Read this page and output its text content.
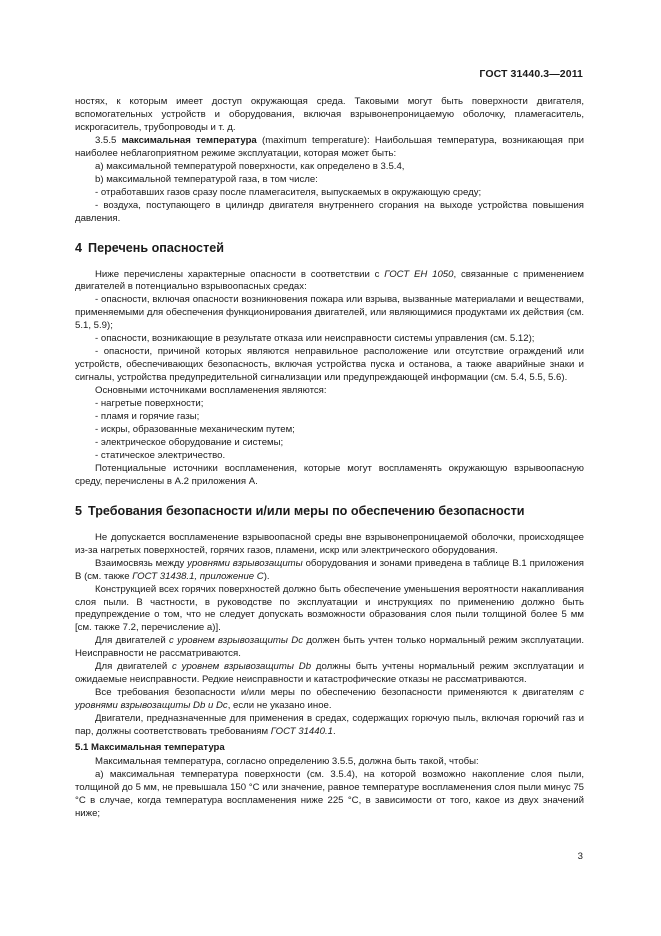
ГОСТ 31440.3—2011

ностях, к которым имеет доступ окружающая среда. Таковыми могут быть поверхности двигателя, вспомогательных устройств и оборудования, включая взрывонепроницаемую оболочку, пламегаситель, искрогаситель, трубопроводы и т. д.

3.5.5 максимальная температура (maximum temperature): Наибольшая температура, возникающая при наиболее неблагоприятном режиме эксплуатации, которая может быть:

a) максимальной температурой поверхности, как определено в 3.5.4,

b) максимальной температурой газа, в том числе:

- отработавших газов сразу после пламегасителя, выпускаемых в окружающую среду;

- воздуха, поступающего в цилиндр двигателя внутреннего сгорания на выходе устройства повышения давления.

4 Перечень опасностей

Ниже перечислены характерные опасности в соответствии с ГОСТ ЕН 1050, связанные с применением двигателей в потенциально взрывоопасных средах:

- опасности, включая опасности возникновения пожара или взрыва, вызванные материалами и веществами, применяемыми для обеспечения функционирования двигателей, или являющимися продуктами их действия (см. 5.1, 5.9);

- опасности, возникающие в результате отказа или неисправности системы управления (см. 5.12);

- опасности, причиной которых являются неправильное расположение или отсутствие ограждений или устройств, обеспечивающих безопасность, включая устройства пуска и останова, а также аварийные знаки и сигналы, устройства предупредительной сигнализации или предупреждающей информации (см. 5.4, 5.5, 5.6).

Основными источниками воспламенения являются:

- нагретые поверхности;

- пламя и горячие газы;

- искры, образованные механическим путем;

- электрическое оборудование и системы;

- статическое электричество.

Потенциальные источники воспламенения, которые могут воспламенять окружающую взрывоопасную среду, перечислены в А.2 приложения А.

5 Требования безопасности и/или меры по обеспечению безопасности

Не допускается воспламенение взрывоопасной среды вне взрывонепроницаемой оболочки, происходящее из-за нагретых поверхностей, горячих газов, пламени, искр или электрического оборудования.

Взаимосвязь между уровнями взрывозащиты оборудования и зонами приведена в таблице В.1 приложения В (см. также ГОСТ 31438.1, приложение С).

Конструкцией всех горячих поверхностей должно быть обеспечение уменьшения вероятности накапливания слоя пыли. В частности, в руководстве по эксплуатации и инструкциях по применению должно быть предупреждение о том, что не следует допускать возможности образования слоя пыли толщиной более 5 мм [см. также 7.2, перечисление а)].

Для двигателей с уровнем взрывозащиты Dc должен быть учтен только нормальный режим эксплуатации. Неисправности не рассматриваются.

Для двигателей с уровнем взрывозащиты Db должны быть учтены нормальный режим эксплуатации и ожидаемые неисправности. Редкие неисправности и катастрофические отказы не рассматриваются.

Все требования безопасности и/или меры по обеспечению безопасности применяются к двигателям с уровнями взрывозащиты Db и Dc, если не указано иное.

Двигатели, предназначенные для применения в средах, содержащих горючую пыль, включая горючий газ и пар, должны соответствовать требованиям ГОСТ 31440.1.

5.1 Максимальная температура

Максимальная температура, согласно определению 3.5.5, должна быть такой, чтобы:

а) максимальная температура поверхности (см. 3.5.4), на которой возможно накопление слоя пыли, толщиной до 5 мм, не превышала 150 °С или значение, равное температуре воспламенения слоя пыли минус 75 °С в случае, когда температура воспламенения ниже 225 °С, в зависимости от того, какое из двух значений ниже;

3
